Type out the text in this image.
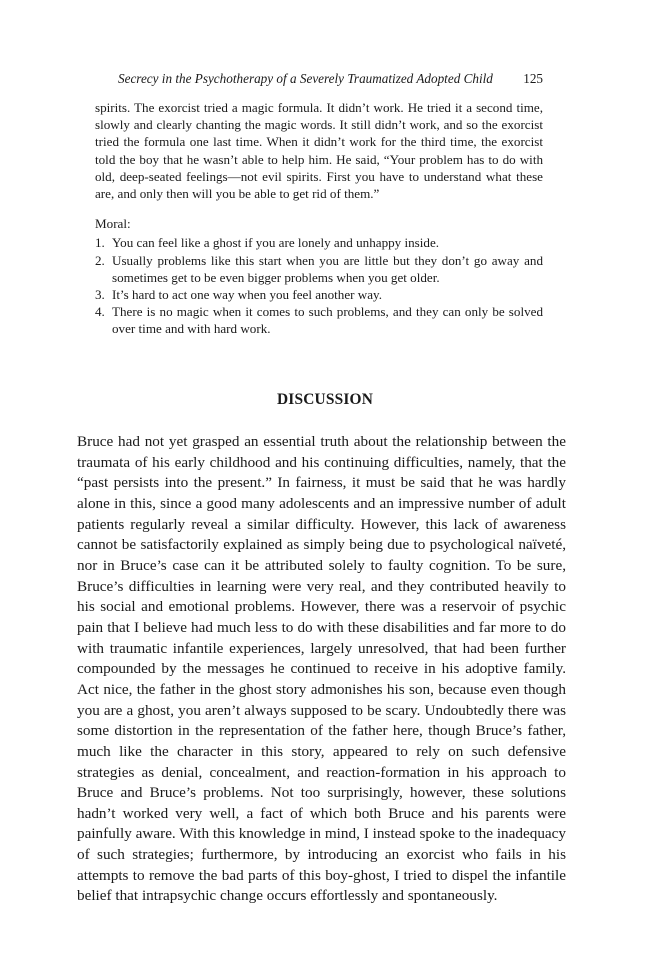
Secrecy in the Psychotherapy of a Severely Traumatized Adopted Child 125

spirits. The exorcist tried a magic formula. It didn’t work. He tried it a second time, slowly and clearly chanting the magic words. It still didn’t work, and so the exorcist tried the formula one last time. When it didn’t work for the third time, the exorcist told the boy that he wasn’t able to help him. He said, “Your problem has to do with old, deep-seated feelings—not evil spirits. First you have to understand what these are, and only then will you be able to get rid of them.”

Moral:

1. You can feel like a ghost if you are lonely and unhappy inside.
2. Usually problems like this start when you are little but they don’t go away and sometimes get to be even bigger problems when you get older.
3. It’s hard to act one way when you feel another way.
4. There is no magic when it comes to such problems, and they can only be solved over time and with hard work.
DISCUSSION

Bruce had not yet grasped an essential truth about the relationship between the traumata of his early childhood and his continuing difficulties, namely, that the “past persists into the present.” In fairness, it must be said that he was hardly alone in this, since a good many adolescents and an impressive number of adult patients regularly reveal a similar difficulty. However, this lack of awareness cannot be satisfactorily explained as simply being due to psychological naïveté, nor in Bruce’s case can it be attributed solely to faulty cognition. To be sure, Bruce’s difficulties in learning were very real, and they contributed heavily to his social and emotional problems. However, there was a reservoir of psychic pain that I believe had much less to do with these disabilities and far more to do with traumatic infantile experiences, largely unresolved, that had been further compounded by the messages he continued to receive in his adoptive family. Act nice, the father in the ghost story admonishes his son, because even though you are a ghost, you aren’t always supposed to be scary. Undoubtedly there was some distortion in the representation of the father here, though Bruce’s father, much like the character in this story, appeared to rely on such defensive strategies as denial, concealment, and reaction-formation in his approach to Bruce and Bruce’s problems. Not too surprisingly, however, these solutions hadn’t worked very well, a fact of which both Bruce and his parents were painfully aware. With this knowledge in mind, I instead spoke to the inadequacy of such strategies; furthermore, by introducing an exorcist who fails in his attempts to remove the bad parts of this boy-ghost, I tried to dispel the infantile belief that intrapsychic change occurs effortlessly and spontaneously.
